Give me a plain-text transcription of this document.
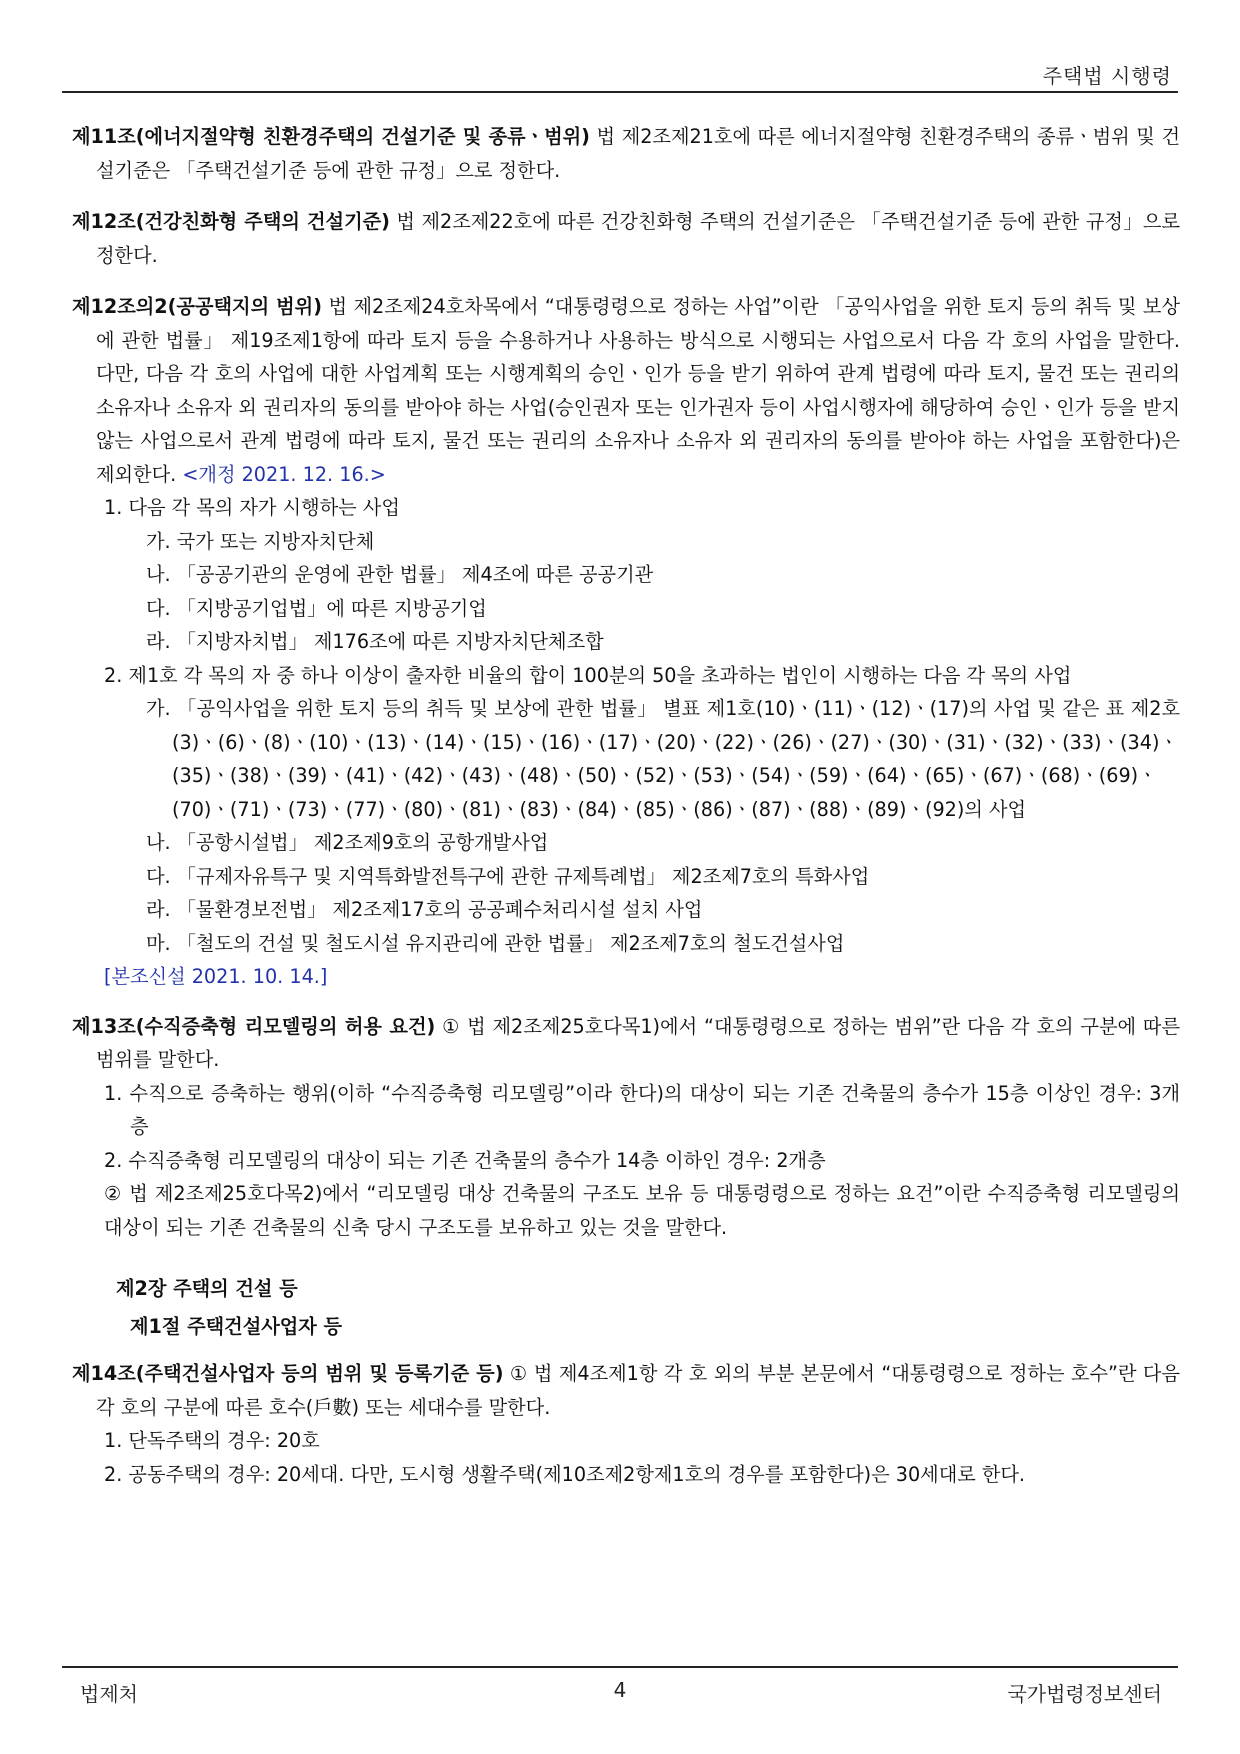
주택법 시행령
제11조(에너지절약형 친환경주택의 건설기준 및 종류ㆍ범위) 법 제2조제21호에 따른 에너지절약형 친환경주택의 종류ㆍ범위 및 건설기준은 「주택건설기준 등에 관한 규정」으로 정한다.
제12조(건강친화형 주택의 건설기준) 법 제2조제22호에 따른 건강친화형 주택의 건설기준은 「주택건설기준 등에 관한 규정」으로 정한다.
제12조의2(공공택지의 범위) 법 제2조제24호차목에서 “대통령령으로 정하는 사업”이란 「공익사업을 위한 토지 등의 취득 및 보상에 관한 법률」 제19조제1항에 따라 토지 등을 수용하거나 사용하는 방식으로 시행되는 사업으로서 다음 각 호의 사업을 말한다. 다만, 다음 각 호의 사업에 대한 사업계획 또는 시행계획의 승인ㆍ인가 등을 받기 위하여 관계 법령에 따라 토지, 물건 또는 권리의 소유자나 소유자 외 권리자의 동의를 받아야 하는 사업(승인권자 또는 인가권자 등이 사업시행자에 해당하여 승인ㆍ인가 등을 받지 않는 사업으로서 관계 법령에 따라 토지, 물건 또는 권리의 소유자나 소유자 외 권리자의 동의를 받아야 하는 사업을 포함한다)은 제외한다. <개정 2021. 12. 16.>
1. 다음 각 목의 자가 시행하는 사업
가. 국가 또는 지방자치단체
나. 「공공기관의 운영에 관한 법률」 제4조에 따른 공공기관
다. 「지방공기업법」에 따른 지방공기업
라. 「지방자치법」 제176조에 따른 지방자치단체조합
2. 제1호 각 목의 자 중 하나 이상이 출자한 비율의 합이 100분의 50을 초과하는 법인이 시행하는 다음 각 목의 사업
가. 「공익사업을 위한 토지 등의 취득 및 보상에 관한 법률」 별표 제1호(10)ㆍ(11)ㆍ(12)ㆍ(17)의 사업 및 같은 표 제2호(3)ㆍ(6)ㆍ(8)ㆍ(10)ㆍ(13)ㆍ(14)ㆍ(15)ㆍ(16)ㆍ(17)ㆍ(20)ㆍ(22)ㆍ(26)ㆍ(27)ㆍ(30)ㆍ(31)ㆍ(32)ㆍ(33)ㆍ(34)ㆍ(35)ㆍ(38)ㆍ(39)ㆍ(41)ㆍ(42)ㆍ(43)ㆍ(48)ㆍ(50)ㆍ(52)ㆍ(53)ㆍ(54)ㆍ(59)ㆍ(64)ㆍ(65)ㆍ(67)ㆍ(68)ㆍ(69)ㆍ(70)ㆍ(71)ㆍ(73)ㆍ(77)ㆍ(80)ㆍ(81)ㆍ(83)ㆍ(84)ㆍ(85)ㆍ(86)ㆍ(87)ㆍ(88)ㆍ(89)ㆍ(92)의 사업
나. 「공항시설법」 제2조제9호의 공항개발사업
다. 「규제자유특구 및 지역특화발전특구에 관한 규제특례법」 제2조제7호의 특화사업
라. 「물환경보전법」 제2조제17호의 공공폐수처리시설 설치 사업
마. 「철도의 건설 및 철도시설 유지관리에 관한 법률」 제2조제7호의 철도건설사업
[본조신설 2021. 10. 14.]
제13조(수직증축형 리모델링의 허용 요건) ① 법 제2조제25호다목1)에서 “대통령령으로 정하는 범위”란 다음 각 호의 구분에 따른 범위를 말한다.
1. 수직으로 증축하는 행위(이하 “수직증축형 리모델링”이라 한다)의 대상이 되는 기존 건축물의 층수가 15층 이상인 경우: 3개층
2. 수직증축형 리모델링의 대상이 되는 기존 건축물의 층수가 14층 이하인 경우: 2개층
② 법 제2조제25호다목2)에서 “리모델링 대상 건축물의 구조도 보유 등 대통령령으로 정하는 요건”이란 수직증축형 리모델링의 대상이 되는 기존 건축물의 신축 당시 구조도를 보유하고 있는 것을 말한다.
제2장 주택의 건설 등
제1절 주택건설사업자 등
제14조(주택건설사업자 등의 범위 및 등록기준 등) ① 법 제4조제1항 각 호 외의 부분 본문에서 “대통령령으로 정하는 호수”란 다음 각 호의 구분에 따른 호수(戶數) 또는 세대수를 말한다.
1. 단독주택의 경우: 20호
2. 공동주택의 경우: 20세대. 다만, 도시형 생활주택(제10조제2항제1호의 경우를 포함한다)은 30세대로 한다.
법제처	4	국가법령정보센터
